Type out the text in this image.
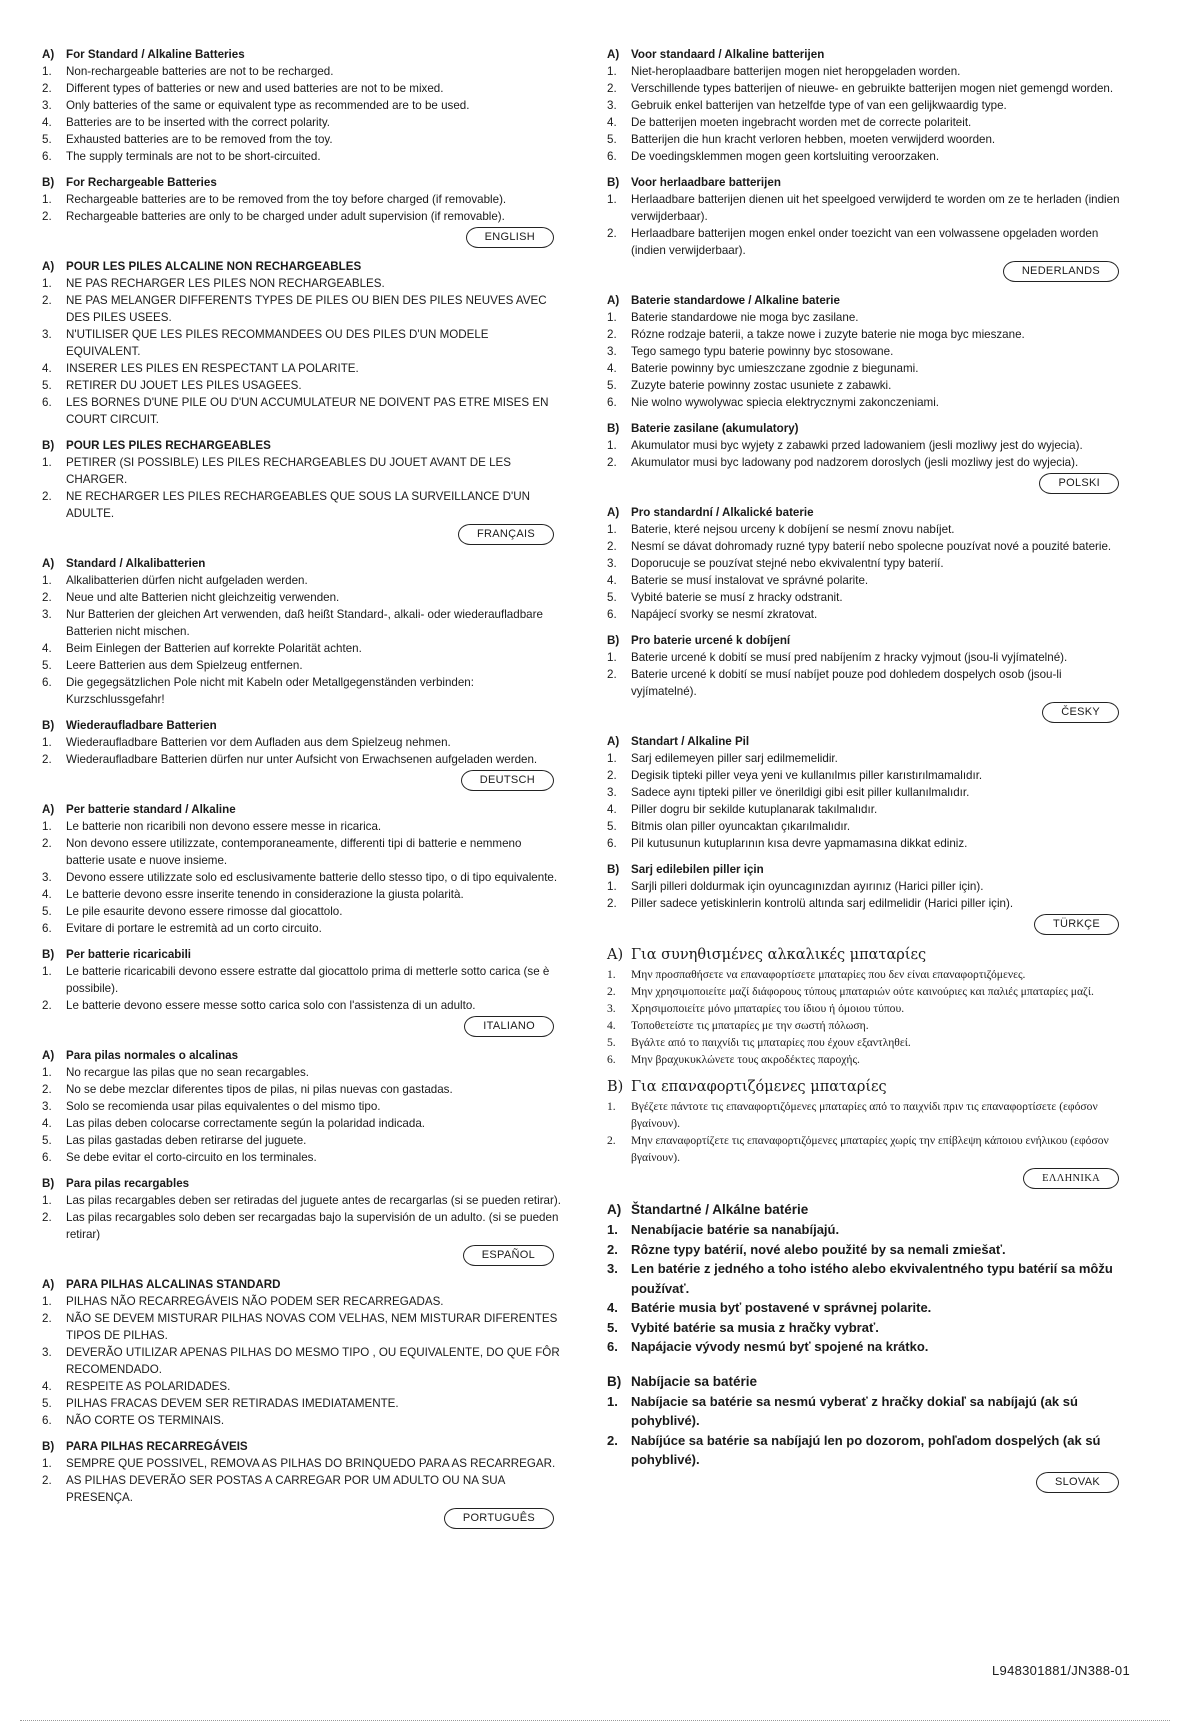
A)	For Standard / Alkaline Batteries
1.	Non-rechargeable batteries are not to be recharged.
2.	Different types of batteries or new and used batteries are not to be mixed.
3.	Only batteries of the same or equivalent type as recommended are to be used.
4.	Batteries are to be inserted with the correct polarity.
5.	Exhausted batteries are to be removed from the toy.
6.	The supply terminals are not to be short-circuited.
B)	For Rechargeable Batteries
1.	Rechargeable batteries are to be removed from the toy before charged (if removable).
2.	Rechargeable batteries are only to be charged under adult supervision (if removable).
ENGLISH
A)	POUR LES PILES ALCALINE NON RECHARGEABLES
1.	NE PAS RECHARGER LES PILES NON RECHARGEABLES.
2.	NE PAS MELANGER DIFFERENTS TYPES DE PILES OU BIEN DES PILES NEUVES AVEC DES PILES USEES.
3.	N'UTILISER QUE LES PILES RECOMMANDEES OU DES PILES D'UN MODELE EQUIVALENT.
4.	INSERER LES PILES EN RESPECTANT LA POLARITE.
5.	RETIRER DU JOUET LES PILES USAGEES.
6.	LES BORNES D'UNE PILE OU D'UN ACCUMULATEUR NE DOIVENT PAS ETRE MISES EN COURT CIRCUIT.
B)	POUR LES PILES RECHARGEABLES
1.	PETIRER (SI POSSIBLE) LES PILES RECHARGEABLES DU JOUET AVANT DE LES CHARGER.
2.	NE RECHARGER LES PILES RECHARGEABLES QUE SOUS LA SURVEILLANCE D'UN ADULTE.
FRANÇAIS
A)	Standard / Alkalibatterien
1.	Alkalibatterien dürfen nicht aufgeladen werden.
2.	Neue und alte Batterien nicht gleichzeitig verwenden.
3.	Nur Batterien der gleichen Art verwenden, daß heißt Standard-, alkali- oder wiederaufladbare Batterien nicht mischen.
4.	Beim Einlegen der Batterien auf korrekte Polarität achten.
5.	Leere Batterien aus dem Spielzeug entfernen.
6.	Die gegegsätzlichen Pole nicht mit Kabeln oder Metallgegenständen verbinden: Kurzschlussgefahr!
B)	Wiederaufladbare Batterien
1.	Wiederaufladbare Batterien vor dem Aufladen aus dem Spielzeug nehmen.
2.	Wiederaufladbare Batterien dürfen nur unter Aufsicht von Erwachsenen aufgeladen werden.
DEUTSCH
A)	Per batterie standard / Alkaline
1.	Le batterie non ricaribili non devono essere messe in ricarica.
2.	Non devono essere utilizzate, contemporaneamente, differenti tipi di batterie e nemmeno batterie usate e nuove insieme.
3.	Devono essere utilizzate solo ed esclusivamente batterie dello stesso tipo, o di tipo equivalente.
4.	Le batterie devono essre inserite tenendo in considerazione la giusta polarità.
5.	Le pile esaurite devono essere rimosse dal giocattolo.
6.	Evitare di portare le estremità ad un corto circuito.
B)	Per batterie ricaricabili
1.	Le batterie ricaricabili devono essere estratte dal giocattolo prima di metterle sotto carica (se è possibile).
2.	Le batterie devono essere messe sotto carica solo con l'assistenza di un adulto.
ITALIANO
A)	Para pilas normales o alcalinas
1.	No recargue las pilas que no sean recargables.
2.	No se debe mezclar diferentes tipos de pilas, ni pilas nuevas con gastadas.
3.	Solo se recomienda usar pilas equivalentes o del mismo tipo.
4.	Las pilas deben colocarse correctamente según la polaridad indicada.
5.	Las pilas gastadas deben retirarse del juguete.
6.	Se debe evitar el corto-circuito en los terminales.
B)	Para pilas recargables
1.	Las pilas recargables deben ser retiradas del juguete antes de recargarlas (si se pueden retirar).
2.	Las pilas recargables solo deben ser recargadas bajo la supervisión de un adulto. (si se pueden retirar)
ESPAÑOL
A)	PARA PILHAS ALCALINAS STANDARD
1.	PILHAS NÃO RECARREGÁVEIS NÃO PODEM SER RECARREGADAS.
2.	NÃO SE DEVEM MISTURAR PILHAS NOVAS COM VELHAS, NEM MISTURAR DIFERENTES TIPOS DE PILHAS.
3.	DEVERÃO UTILIZAR APENAS PILHAS DO MESMO TIPO , OU EQUIVALENTE, DO QUE FÔR RECOMENDADO.
4.	RESPEITE AS POLARIDADES.
5.	PILHAS FRACAS DEVEM SER RETIRADAS IMEDIATAMENTE.
6.	NÃO CORTE OS TERMINAIS.
B)	PARA PILHAS RECARREGÁVEIS
1.	SEMPRE QUE POSSIVEL, REMOVA AS PILHAS DO BRINQUEDO PARA AS RECARREGAR.
2.	AS PILHAS DEVERÃO SER POSTAS A CARREGAR POR UM ADULTO OU NA SUA PRESENÇA.
PORTUGUÊS
A)	Voor standaard / Alkaline batterijen
1.	Niet-heroplaadbare batterijen mogen niet heropgeladen worden.
2.	Verschillende types batterijen of nieuwe- en gebruikte batterijen mogen niet gemengd worden.
3.	Gebruik enkel batterijen van hetzelfde type of van een gelijkwaardig type.
4.	De batterijen moeten ingebracht worden met de correcte polariteit.
5.	Batterijen die hun kracht verloren hebben, moeten verwijderd woorden.
6.	De voedingsklemmen mogen geen kortsluiting veroorzaken.
B)	Voor herlaadbare batterijen
1.	Herlaadbare batterijen dienen uit het speelgoed verwijderd te worden om ze te herladen (indien verwijderbaar).
2.	Herlaadbare batterijen mogen enkel onder toezicht van een volwassene opgeladen worden (indien verwijderbaar).
NEDERLANDS
A)	Baterie standardowe / Alkaline baterie
1.	Baterie standardowe nie moga byc zasilane.
2.	Rózne rodzaje baterii, a takze nowe i zuzyte baterie nie moga byc mieszane.
3.	Tego samego typu baterie powinny byc stosowane.
4.	Baterie powinny byc umieszczane zgodnie z biegunami.
5.	Zuzyte baterie powinny zostac usuniete z zabawki.
6.	Nie wolno wywolywac spiecia elektrycznymi zakonczeniami.
B)	Baterie zasilane (akumulatory)
1.	Akumulator musi byc wyjety z zabawki przed ladowaniem (jesli mozliwy jest do wyjecia).
2.	Akumulator musi byc ladowany pod nadzorem doroslych (jesli mozliwy jest do wyjecia).
POLSKI
A)	Pro standardní / Alkalické baterie
1.	Baterie, které nejsou urceny k dobíjení se nesmí znovu nabíjet.
2.	Nesmí se dávat dohromady ruzné typy baterií nebo spolecne pouzívat nové a pouzité baterie.
3.	Doporucuje se pouzívat stejné nebo ekvivalentní typy baterií.
4.	Baterie se musí instalovat ve správné polarite.
5.	Vybité baterie se musí z hracky odstranit.
6.	Napájecí svorky se nesmí zkratovat.
B)	Pro baterie urcené k dobíjení
1.	Baterie urcené k dobití se musí pred nabíjením z hracky vyjmout (jsou-li vyjímatelné).
2.	Baterie urcené k dobití se musí nabíjet pouze pod dohledem dospelych osob (jsou-li vyjímatelné).
ČESKY
A)	Standart / Alkaline Pil
1.	Sarj edilemeyen piller sarj edilmemelidir.
2.	Degisik tipteki piller veya yeni ve kullanılmıs piller karıstırılmamalıdır.
3.	Sadece aynı tipteki piller ve önerildigi gibi esit piller kullanılmalıdır.
4.	Piller dogru bir sekilde kutuplanarak takılmalıdır.
5.	Bitmis olan piller oyuncaktan çıkarılmalıdır.
6.	Pil kutusunun kutuplarının kısa devre yapmamasına dikkat ediniz.
B)	Sarj edilebilen piller için
1.	Sarjli pilleri doldurmak için oyuncagınızdan ayırınız (Harici piller için).
2.	Piller sadece yetiskinlerin kontrolü altında sarj edilmelidir (Harici piller için).
TÜRKÇE
A) Για συνηθισμένες αλκαλικές μπαταρίες
1.	Μην προσπαθήσετε να επαναφορτίσετε μπαταρίες που δεν είναι επαναφορτιζόμενες.
2.	Μην χρησιμοποιείτε μαζί διάφορους τύπους μπαταριών ούτε καινούριες και παλιές μπαταρίες μαζί.
3.	Χρησιμοποιείτε μόνο μπαταρίες του ίδιου ή όμοιου τύπου.
4.	Τοποθετείστε τις μπαταρίες με την σωστή πόλωση.
5.	Βγάλτε από το παιχνίδι τις μπαταρίες που έχουν εξαντληθεί.
6.	Μην βραχυκυκλώνετε τους ακροδέκτες παροχής.
B) Για επαναφορτιζόμενες μπαταρίες
1.	Βγέζετε πάντοτε τις επαναφορτιζόμενες μπαταρίες από το παιχνίδι πριν τις επαναφορτίσετε (εφόσον βγαίνουν).
2.	Μην επαναφορτίζετε τις επαναφορτιζόμενες μπαταρίες χωρίς την επίβλεψη κάποιου ενήλικου (εφόσον βγαίνουν).
ΕΛΛΗΝΙΚΑ
A) Štandartné / Alkálne batérie
1.	Nenabíjacie batérie sa nanabíjajú.
2.	Rôzne typy batérií, nové alebo použité by sa nemali zmiešať.
3.	Len batérie z jedného a toho istého alebo ekvivalentného typu batérií sa môžu používať.
4.	Batérie musia byť postavené v správnej polarite.
5.	Vybité batérie sa musia z hračky vybrať.
6.	Napájacie vývody nesmú byť spojené na krátko.
B) Nabíjacie sa batérie
1.	Nabíjacie sa batérie sa nesmú vyberať z hračky dokiaľ sa nabíjajú (ak sú pohyblivé).
2.	Nabíjúce sa batérie sa nabíjajú len po dozorom, pohľadom dospelých (ak sú pohyblivé).
SLOVAK
L948301881/JN388-01
